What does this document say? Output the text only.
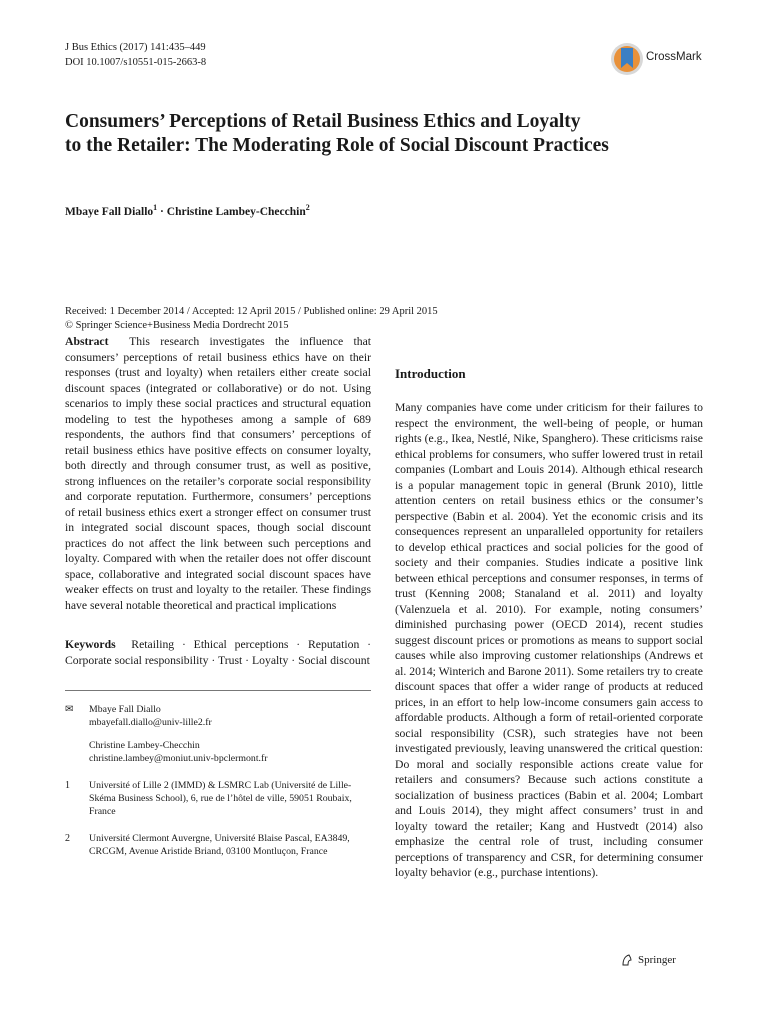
J Bus Ethics (2017) 141:435–449
DOI 10.1007/s10551-015-2663-8	CrossMark
Consumers’ Perceptions of Retail Business Ethics and Loyalty
to the Retailer: The Moderating Role of Social Discount Practices
Mbaye Fall Diallo$^1$ · Christine Lambey-Checchin$^2$
Received: 1 December 2014 / Accepted: 12 April 2015 / Published online: 29 April 2015
© Springer Science+Business Media Dordrecht 2015

Abstract This research investigates the influence that consumers’ perceptions of retail business ethics have on their responses (trust and loyalty) when retailers either create social discount spaces (integrated or collaborative) or do not. Using scenarios to imply these social practices and structural equation modeling to test the hypotheses among a sample of 689 respondents, the authors find that consumers’ perceptions of retail business ethics have positive effects on consumer loyalty, both directly and through consumer trust, as well as positive, strong influences on the retailer’s corporate social responsibility and corporate reputation. Furthermore, consumers’ perceptions of retail business ethics exert a stronger effect on consumer trust in integrated social discount spaces, though social discount practices do not affect the link between such perceptions and loyalty. Compared with when the retailer does not offer discount space, collaborative and integrated social discount spaces have weaker effects on trust and loyalty to the retailer. These findings have several notable theoretical and practical implications

Keywords Retailing · Ethical perceptions · Reputation · Corporate social responsibility · Trust · Loyalty · Social discount

✉	Mbaye Fall Diallo
mbayefall.diallo@univ-lille2.fr
Christine Lambey-Checchin
christine.lambey@moniut.univ-bpclermont.fr
1	Université of Lille 2 (IMMD) & LSMRC Lab (Université de Lille-Skéma Business School), 6, rue de l’hôtel de ville, 59051 Roubaix, France
2	Université Clermont Auvergne, Université Blaise Pascal, EA3849, CRCGM, Avenue Aristide Briand, 03100 Montluçon, France
Introduction

Many companies have come under criticism for their failures to respect the environment, the well-being of people, or human rights (e.g., Ikea, Nestlé, Nike, Spanghero). These criticisms raise ethical problems for consumers, who suffer lowered trust in retail companies (Lombart and Louis 2014). Although ethical research is a popular management topic in general (Brunk 2010), little attention centers on retail business ethics or the consumer’s perspective (Babin et al. 2004). Yet the economic crisis and its consequences represent an unparalleled opportunity for retailers to develop ethical practices and social policies for the good of society and their companies. Studies indicate a positive link between ethical perceptions and consumer responses, in terms of trust (Kenning 2008; Stanaland et al. 2011) and loyalty (Valenzuela et al. 2010). For example, noting consumers’ diminished purchasing power (OECD 2014), recent studies suggest discount prices or promotions as means to support social causes while also improving customer relationships (Andrews et al. 2014; Winterich and Barone 2011). Some retailers try to create discount spaces that offer a wider range of products at reduced prices, in an effort to help low-income consumers gain access to affordable products. Although a form of retail-oriented corporate social responsibility (CSR), such strategies have not been investigated previously, leaving unanswered the critical question: Do moral and socially responsible actions create value for retailers and consumers? Because such actions constitute a socialization of business practices (Babin et al. 2004; Lombart and Louis 2014), they might affect consumers’ trust in and loyalty toward the retailer; Kang and Hustvedt (2014) also emphasize the central role of trust, including consumer perceptions of transparency and CSR, for determining consumer loyalty behavior (e.g., purchase intentions).

Springer
